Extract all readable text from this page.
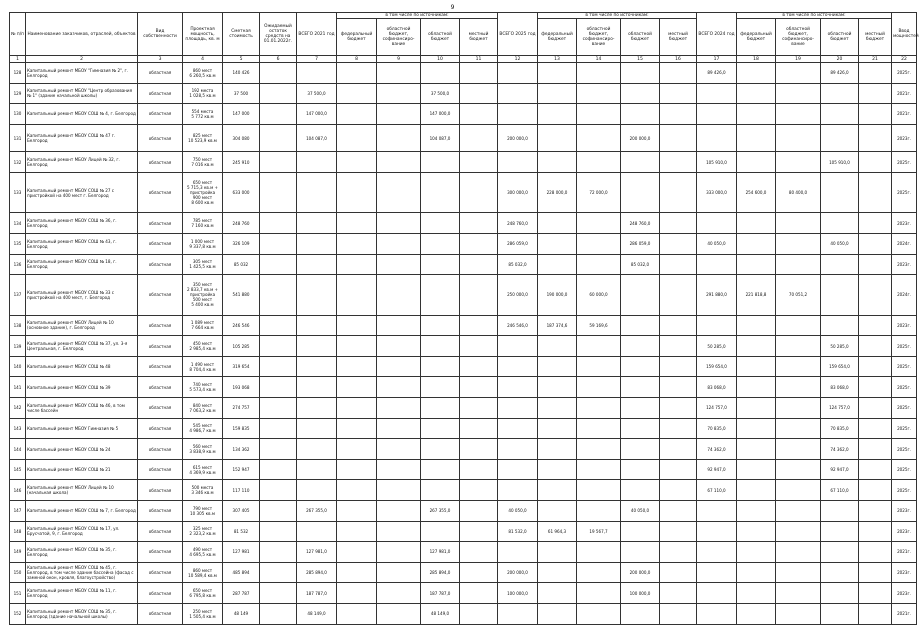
9
№ п/п	Наименование заказчиков, отраслей, объектов	Вид собственности	Проектная мощность, площадь, кв. м	Сметная стоимость	Ожидаемый остаток средств на 01.01.2022г.	ВСЕГО 2021 год	в том числе по источникам:				ВСЕГО 2025 год	в том числе по источникам:				ВСЕГО 2024 год	в том числе по источникам:				Ввод мощностей
							федеральный бюджет	областной бюджет, софинансиро-вание	областной бюджет	местный бюджет		федеральный бюджет	областной бюджет, софинансиро-вание	областной бюджет	местный бюджет		федеральный бюджет	областной бюджет, софинансиро-вание	областной бюджет	местный бюджет	
1	2	3	4	5	6	7	8	9	10	11	12	13	14	15	16	17	18	19	20	21	22
128	Капитальный ремонт МБОУ "Гимназия № 2", г. Белгород	областная	860 мест
6 260,5 кв.м	140 426												89 426,0			89 426,0		2025г.
129	Капитальный ремонт МБОУ "Центр образования № 1" (здание начальной школы)	областная	192 места
1 028,5 кв.м	37 500		37 500,0			37 500,0												2021г.
130	Капитальный ремонт МБОУ СОШ № 4, г. Белгород	областная	554 места
5 772 кв.м	147 000		147 000,0			147 000,0												2021г.
131	Капитальный ремонт МБОУ СОШ № 47 г. Белгород	областная	825 мест
10 523,9 кв.м	304 080		104 087,0			104 087,0		200 000,0			200 000,0							2023г.
132	Капитальный ремонт МБОУ Лицей № 32, г. Белгород	областная	750 мест
7 016 кв.м	245 910												105 910,0			105 910,0		2025г.
133	Капитальный ремонт МБОУ СОШ № 27 с пристройкой на 400 мест г. Белгород	областная	650 мест
5 715,3 кв.м +
пристройка
900 мест
8 600 кв.м	633 000							300 000,0	228 000,0	72 000,0			333 000,0	254 600,0	80 400,0			2025г.
134	Капитальный ремонт МБОУ СОШ № 36, г. Белгород	областная	785 мест
7 160 кв.м	248 760							248 760,0			248 760,0							2023г.
135	Капитальный ремонт МБОУ СОШ № 43, г. Белгород	областная	1 000 мест
9 337,8 кв.м	326 109							286 059,0			286 059,0		40 050,0			40 050,0		2024г.
136	Капитальный ремонт МБОУ СОШ № 18, г. Белгород	областная	305 мест
1 425,5 кв.м	85 032							85 032,0			85 032,0							2023г.
137	Капитальный ремонт МБОУ СОШ № 33 с пристройкой на 400 мест, г. Белгород	областная	350 мест
2 833,7 кв.м +
пристройка
500 мест
5 400 кв.м	541 880							250 000,0	190 000,0	60 000,0			291 880,0	221 818,8	70 051,2			2024г.
138	Капитальный ремонт МБОУ Лицей № 10 (основное здание), г. Белгород	областная	1 089 мест
7 664 кв.м	246 546							246 546,0	187 374,6	59 169,6								2023г.
139	Капитальный ремонт МБОУ СОШ № 37, ул. 3-я Центральная, г. Белгород	областная	450 мест
2 985,4 кв.м	105 285												50 285,0			50 285,0		2025г.
140	Капитальный ремонт МБОУ СОШ № 48	областная	1 490 мест
8 704,4 кв.м	319 654												159 654,0			159 654,0		2025г.
141	Капитальный ремонт МБОУ СОШ № 39	областная	740 мест
5 573,4 кв.м	193 068												83 068,0			83 068,0		2025г.
142	Капитальный ремонт МБОУ СОШ № 46, в том числе бассейн	областная	840 мест
7 063,2 кв.м	274 757												124 757,0			124 757,0		2025г.
143	Капитальный ремонт МБОУ Гимназия № 5	областная	545 мест
4 986,7 кв.м	159 835												70 835,0			70 835,0		2025г.
144	Капитальный ремонт МБОУ СОШ № 24	областная	560 мест
3 838,9 кв.м	134 362												74 362,0			74 362,0		2025г.
145	Капитальный ремонт МБОУ СОШ № 21	областная	615 мест
4 369,9 кв.м	152 947												92 947,0			92 947,0		2025г.
146	Капитальный ремонт МБОУ Лицей № 10 (начальная школа)	областная	500 места
3 346 кв.м	117 110												67 110,0			67 110,0		2025г.
147	Капитальный ремонт МБОУ СОШ № 7, г. Белгород	областная	790 мест
10 305 кв.м	307 405		267 355,0			267 355,0		40 050,0			40 050,0							2023г.
148	Капитальный ремонт МБОУ СОШ № 17, ул. Брусчатой, 9, г. Белгород	областная	325 мест
2 323,2 кв.м	81 532							81 532,0	61 964,3	19 567,7								2023г.
149	Капитальный ремонт МБОУ СОШ № 35, г. Белгород	областная	490 мест
4 695,5 кв.м	127 981		127 981,0			127 981,0												2021г.
150	Капитальный ремонт МБОУ СОШ № 45, г. Белгород, в том числе здание бассейна (фасад с заменой окон, кровля, благоустройство)	областная	860 мест
10 589,4 кв.м	485 894		285 894,0			285 894,0		200 000,0			200 000,0							2023г.
151	Капитальный ремонт МБОУ СОШ № 11, г. Белгород	областная	650 мест
6 795,8 кв.м	287 787		187 787,0			187 787,0		100 000,0			100 000,0							2023г.
152	Капитальный ремонт МБОУ СОШ № 35, г. Белгород (здание начальной школы)	областная	250 мест
1 505,4 кв.м	48 149		48 149,0			48 149,0												2021г.
